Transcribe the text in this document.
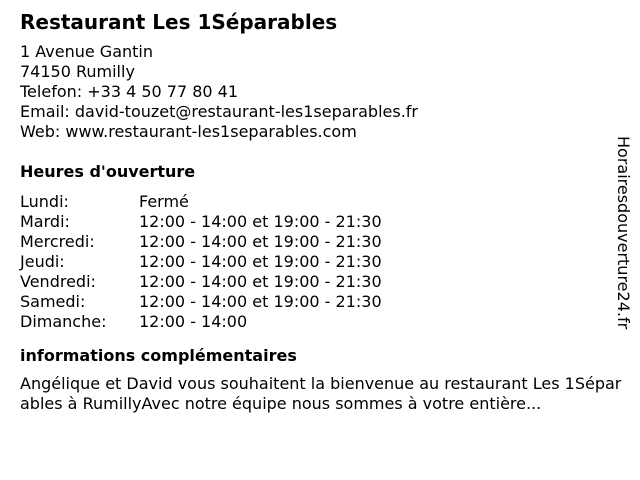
Restaurant Les 1Séparables
1 Avenue Gantin
74150 Rumilly
Telefon: +33 4 50 77 80 41
Email: david-touzet@restaurant-les1separables.fr
Web: www.restaurant-les1separables.com
Heures d'ouverture
Lundi:	Fermé
Mardi:	12:00 - 14:00 et 19:00 - 21:30
Mercredi:	12:00 - 14:00 et 19:00 - 21:30
Jeudi:	12:00 - 14:00 et 19:00 - 21:30
Vendredi:	12:00 - 14:00 et 19:00 - 21:30
Samedi:	12:00 - 14:00 et 19:00 - 21:30
Dimanche:	12:00 - 14:00
informations complémentaires
Angélique et David vous souhaitent la bienvenue au restaurant Les 1Séparables à RumillyAvec notre équipe nous sommes à votre entière...
Horairesdouverture24.fr
